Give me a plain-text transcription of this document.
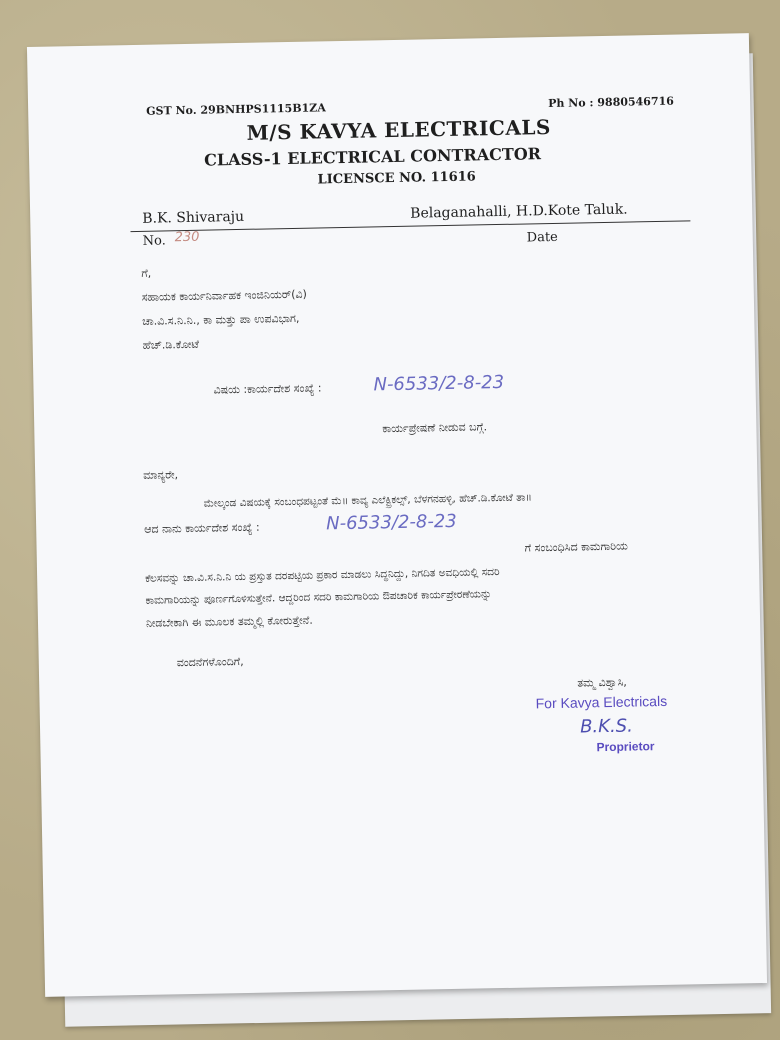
GST No. 29BNHPS1115B1ZA	Ph No : 9880546716
M/S KAVYA ELECTRICALS
CLASS-1 ELECTRICAL CONTRACTOR
LICENSCE NO. 11616
B.K. Shivaraju	Belaganahalli, H.D.Kote Taluk.
No. 230	Date
ಗೆ,
ಸಹಾಯಕ ಕಾರ್ಯನಿರ್ವಾಹಕ ಇಂಜಿನಿಯರ್(ವಿ)
ಚಾ.ವಿ.ಸ.ನಿ.ನಿ., ಕಾ ಮತ್ತು ಪಾ ಉಪವಿಭಾಗ,
ಹೆಚ್.ಡಿ.ಕೋಟೆ
ವಿಷಯ :ಕಾರ್ಯದೇಶ ಸಂಖ್ಯೆ :	N-6533/2-8-23
ಕಾರ್ಯಪ್ರೇಷಣೆ ನೀಡುವ ಬಗ್ಗೆ.
ಮಾನ್ಯರೇ,
ಮೇಲ್ಕಂಡ ವಿಷಯಕ್ಕೆ ಸಂಬಂಧಪಟ್ಟಂತೆ ಮೆ॥ ಕಾವ್ಯ ಎಲೆಕ್ಟ್ರಿಕಲ್ಸ್, ಬೆಳಗನಹಳ್ಳಿ, ಹೆಚ್.ಡಿ.ಕೋಟೆ ತಾ॥
ಆದ ನಾನು ಕಾರ್ಯದೇಶ ಸಂಖ್ಯೆ :	N-6533/2-8-23
ಗೆ ಸಂಬಂಧಿಸಿದ ಕಾಮಗಾರಿಯ
ಕೆಲಸವನ್ನು ಚಾ.ವಿ.ಸ.ನಿ.ನಿ ಯ ಪ್ರಸ್ತುತ ದರಪಟ್ಟಿಯ ಪ್ರಕಾರ ಮಾಡಲು ಸಿದ್ಧನಿದ್ದು, ನಿಗದಿತ ಅವಧಿಯಲ್ಲಿ ಸದರಿ
ಕಾಮಗಾರಿಯನ್ನು ಪೂರ್ಣಗೊಳಿಸುತ್ತೇನೆ. ಆದ್ದರಿಂದ ಸದರಿ ಕಾಮಗಾರಿಯ ಔಪಚಾರಿಕ ಕಾರ್ಯಪ್ರೇರಣೆಯನ್ನು
ನೀಡಬೇಕಾಗಿ ಈ ಮೂಲಕ ತಮ್ಮಲ್ಲಿ ಕೋರುತ್ತೇನೆ.
ವಂದನೆಗಳೊಂದಿಗೆ,
ತಮ್ಮ ವಿಶ್ವಾಸಿ,
For Kavya Electricals
B.K.S.
Proprietor
